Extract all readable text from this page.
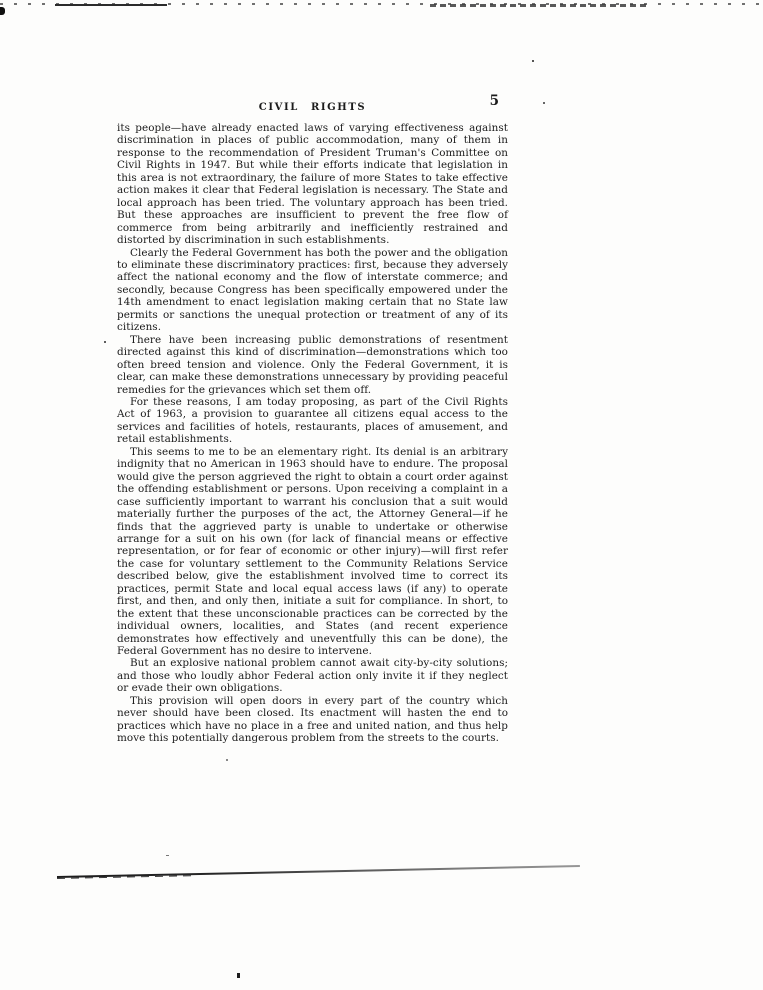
CIVIL RIGHTS	5

its people—have already enacted laws of varying effectiveness against discrimination in places of public accommodation, many of them in response to the recommendation of President Truman's Committee on Civil Rights in 1947. But while their efforts indicate that legislation in this area is not extraordinary, the failure of more States to take effective action makes it clear that Federal legislation is necessary. The State and local approach has been tried. The voluntary approach has been tried. But these approaches are insufficient to prevent the free flow of commerce from being arbitrarily and inefficiently restrained and distorted by discrimination in such establishments.

Clearly the Federal Government has both the power and the obligation to eliminate these discriminatory practices: first, because they adversely affect the national economy and the flow of interstate commerce; and secondly, because Congress has been specifically empowered under the 14th amendment to enact legislation making certain that no State law permits or sanctions the unequal protection or treatment of any of its citizens.

There have been increasing public demonstrations of resentment directed against this kind of discrimination—demonstrations which too often breed tension and violence. Only the Federal Government, it is clear, can make these demonstrations unnecessary by providing peaceful remedies for the grievances which set them off.

For these reasons, I am today proposing, as part of the Civil Rights Act of 1963, a provision to guarantee all citizens equal access to the services and facilities of hotels, restaurants, places of amusement, and retail establishments.

This seems to me to be an elementary right. Its denial is an arbitrary indignity that no American in 1963 should have to endure. The proposal would give the person aggrieved the right to obtain a court order against the offending establishment or persons. Upon receiving a complaint in a case sufficiently important to warrant his conclusion that a suit would materially further the purposes of the act, the Attorney General—if he finds that the aggrieved party is unable to undertake or otherwise arrange for a suit on his own (for lack of financial means or effective representation, or for fear of economic or other injury)—will first refer the case for voluntary settlement to the Community Relations Service described below, give the establishment involved time to correct its practices, permit State and local equal access laws (if any) to operate first, and then, and only then, initiate a suit for compliance. In short, to the extent that these unconscionable practices can be corrected by the individual owners, localities, and States (and recent experience demonstrates how effectively and uneventfully this can be done), the Federal Government has no desire to intervene.

But an explosive national problem cannot await city-by-city solutions; and those who loudly abhor Federal action only invite it if they neglect or evade their own obligations.

This provision will open doors in every part of the country which never should have been closed. Its enactment will hasten the end to practices which have no place in a free and united nation, and thus help move this potentially dangerous problem from the streets to the courts.
